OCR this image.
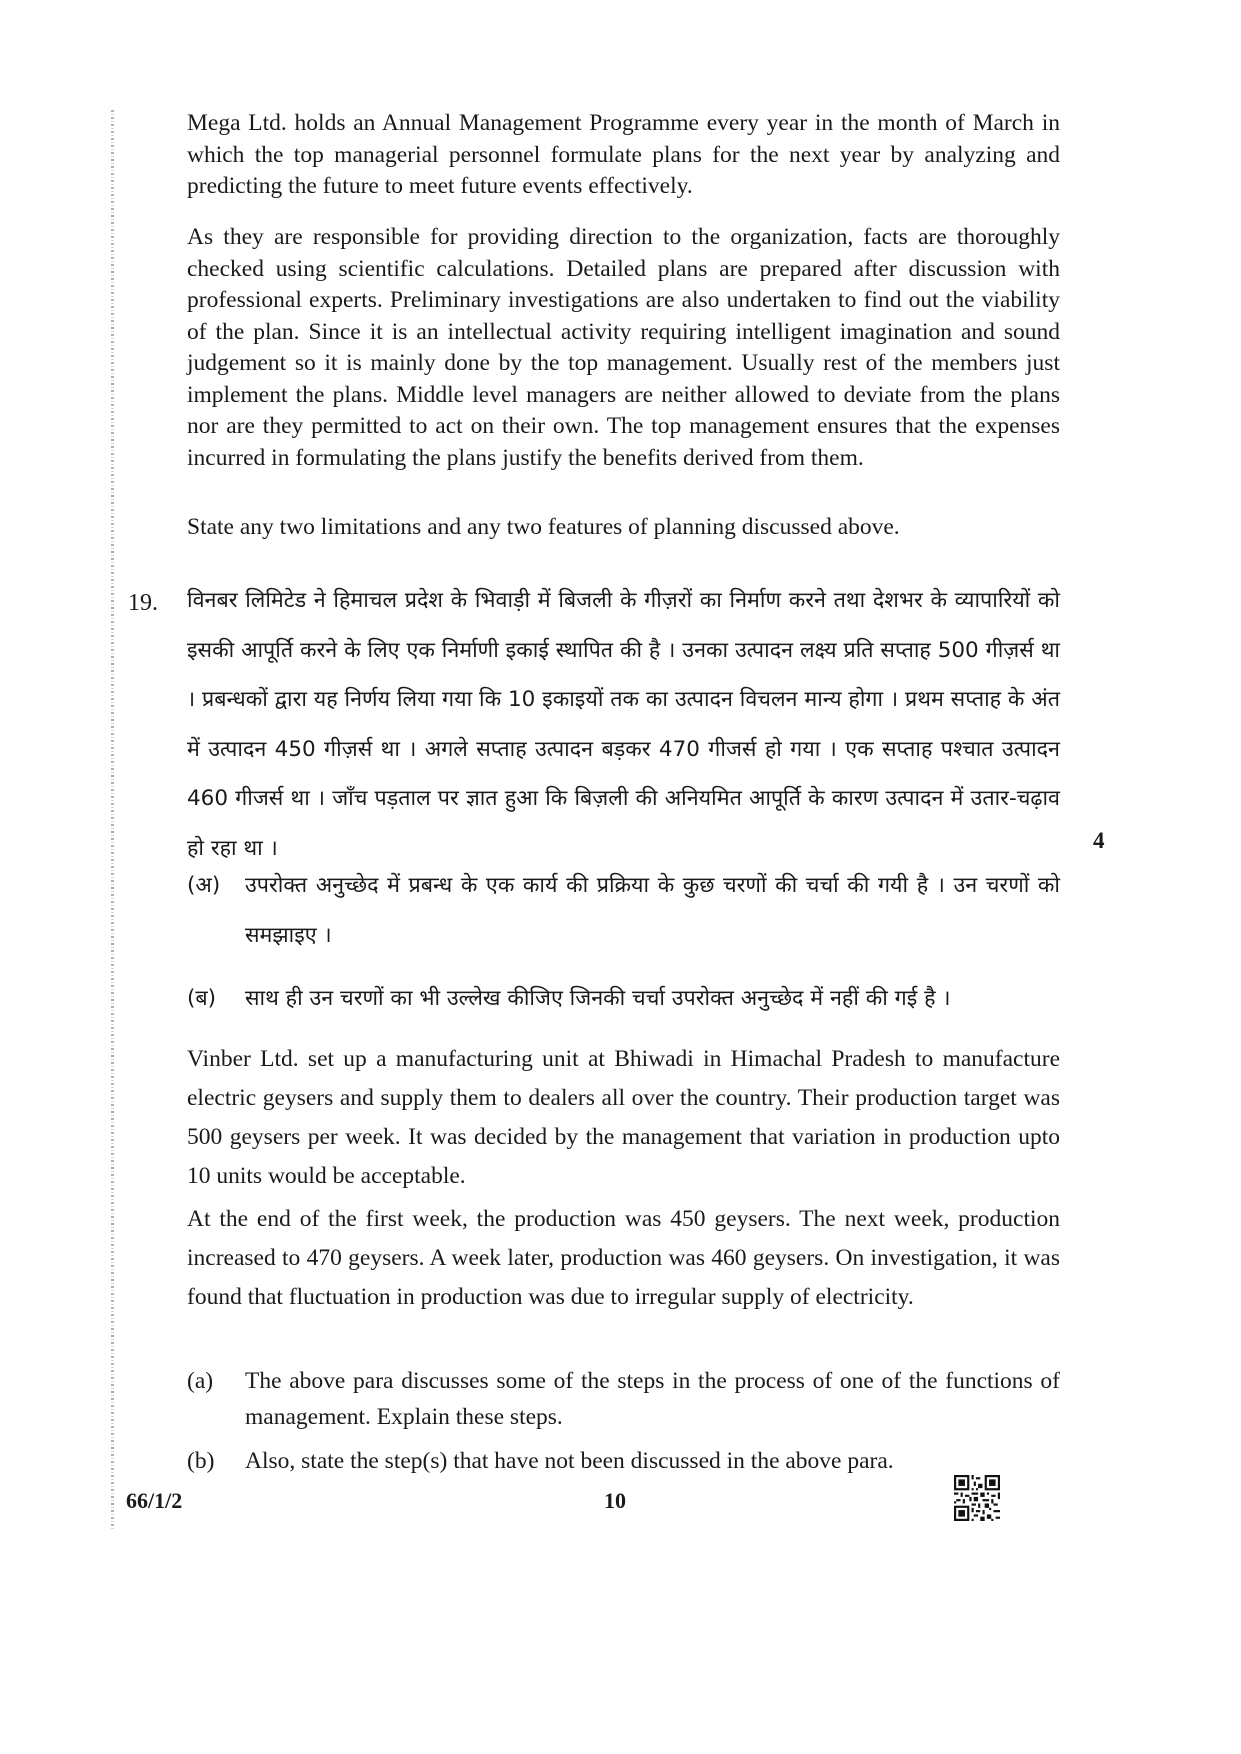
Mega Ltd. holds an Annual Management Programme every year in the month of March in which the top managerial personnel formulate plans for the next year by analyzing and predicting the future to meet future events effectively.

As they are responsible for providing direction to the organization, facts are thoroughly checked using scientific calculations. Detailed plans are prepared after discussion with professional experts. Preliminary investigations are also undertaken to find out the viability of the plan. Since it is an intellectual activity requiring intelligent imagination and sound judgement so it is mainly done by the top management. Usually rest of the members just implement the plans. Middle level managers are neither allowed to deviate from the plans nor are they permitted to act on their own. The top management ensures that the expenses incurred in formulating the plans justify the benefits derived from them.

State any two limitations and any two features of planning discussed above.

19. विनबर लिमिटेड ने हिमाचल प्रदेश के भिवाड़ी में बिजली के गीज़रों का निर्माण करने तथा देशभर के व्यापारियों को इसकी आपूर्ति करने के लिए एक निर्माणी इकाई स्थापित की है । उनका उत्पादन लक्ष्य प्रति सप्ताह 500 गीज़र्स था । प्रबन्धकों द्वारा यह निर्णय लिया गया कि 10 इकाइयों तक का उत्पादन विचलन मान्य होगा । प्रथम सप्ताह के अंत में उत्पादन 450 गीज़र्स था । अगले सप्ताह उत्पादन बड़कर 470 गीजर्स हो गया । एक सप्ताह पश्चात उत्पादन 460 गीजर्स था । जाँच पड़ताल पर ज्ञात हुआ कि बिज़ली की अनियमित आपूर्ति के कारण उत्पादन में उतार-चढ़ाव हो रहा था ।	4
(अ) उपरोक्त अनुच्छेद में प्रबन्ध के एक कार्य की प्रक्रिया के कुछ चरणों की चर्चा की गयी है । उन चरणों को समझाइए ।
(ब) साथ ही उन चरणों का भी उल्लेख कीजिए जिनकी चर्चा उपरोक्त अनुच्छेद में नहीं की गई है ।

Vinber Ltd. set up a manufacturing unit at Bhiwadi in Himachal Pradesh to manufacture electric geysers and supply them to dealers all over the country. Their production target was 500 geysers per week. It was decided by the management that variation in production upto 10 units would be acceptable.

At the end of the first week, the production was 450 geysers. The next week, production increased to 470 geysers. A week later, production was 460 geysers. On investigation, it was found that fluctuation in production was due to irregular supply of electricity.

(a) The above para discusses some of the steps in the process of one of the functions of management. Explain these steps.
(b) Also, state the step(s) that have not been discussed in the above para.
66/1/2	10
